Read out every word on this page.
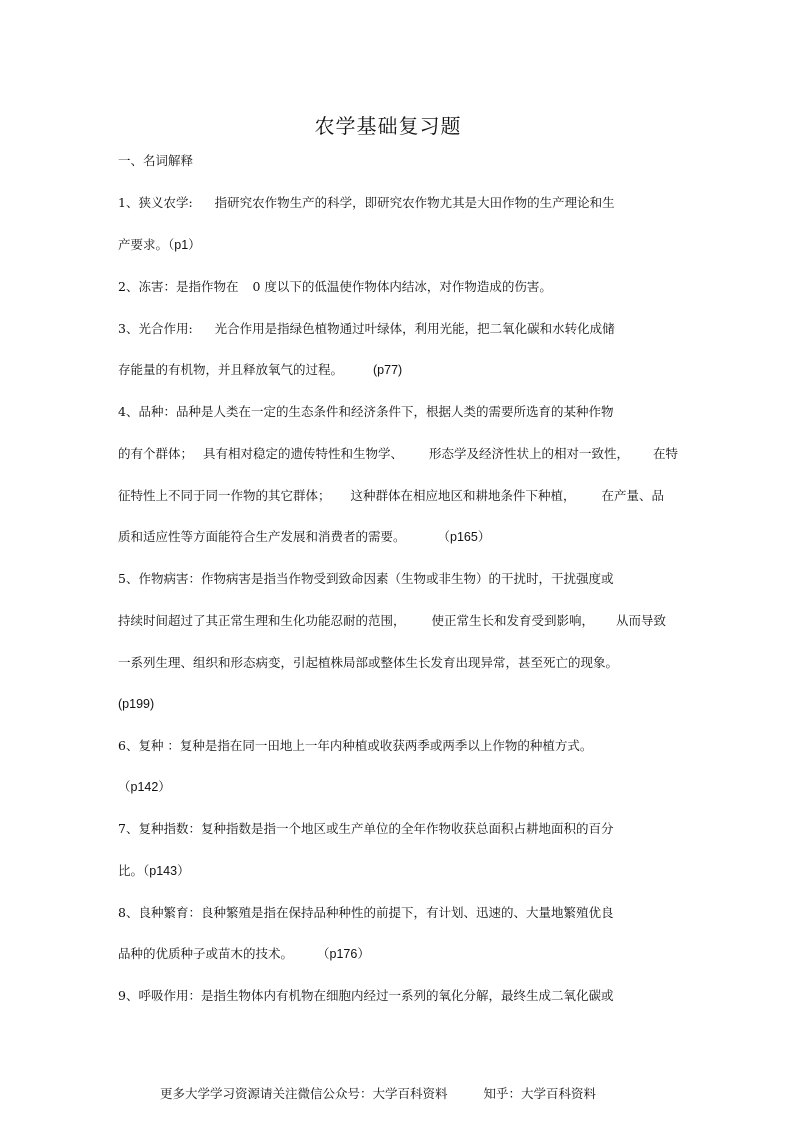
农学基础复习题
一、名词解释
1、狭义农学: 指研究农作物生产的科学，即研究农作物尤其是大田作物的生产理论和生
产要求。（p1）
2、冻害：是指作物在 0 度以下的低温使作物体内结冰，对作物造成的伤害。
3、光合作用: 光合作用是指绿色植物通过叶绿体，利用光能，把二氧化碳和水转化成储
存能量的有机物，并且释放氧气的过程。 (p77)
4、品种：品种是人类在一定的生态条件和经济条件下，根据人类的需要所选育的某种作物
的有个群体； 具有相对稳定的遗传特性和生物学、 形态学及经济性状上的相对一致性， 在特
征特性上不同于同一作物的其它群体； 这种群体在相应地区和耕地条件下种植， 在产量、品
质和适应性等方面能符合生产发展和消费者的需要。	（p165）
5、作物病害：作物病害是指当作物受到致命因素（生物或非生物）的干扰时，干扰强度或
持续时间超过了其正常生理和生化功能忍耐的范围， 使正常生长和发育受到影响， 从而导致
一系列生理、组织和形态病变，引起植株局部或整体生长发育出现异常，甚至死亡的现象。
(p199)
6、复种 ：复种是指在同一田地上一年内种植或收获两季或两季以上作物的种植方式。
（p142）
7、复种指数：复种指数是指一个地区或生产单位的全年作物收获总面积占耕地面积的百分
比。（p143）
8、良种繁育：良种繁殖是指在保持品种种性的前提下，有计划、迅速的、大量地繁殖优良
品种的优质种子或苗木的技术。 （p176）
9、呼吸作用：是指生物体内有机物在细胞内经过一系列的氧化分解，最终生成二氧化碳或
更多大学学习资源请关注微信公众号：大学百科资料	知乎：大学百科资料
